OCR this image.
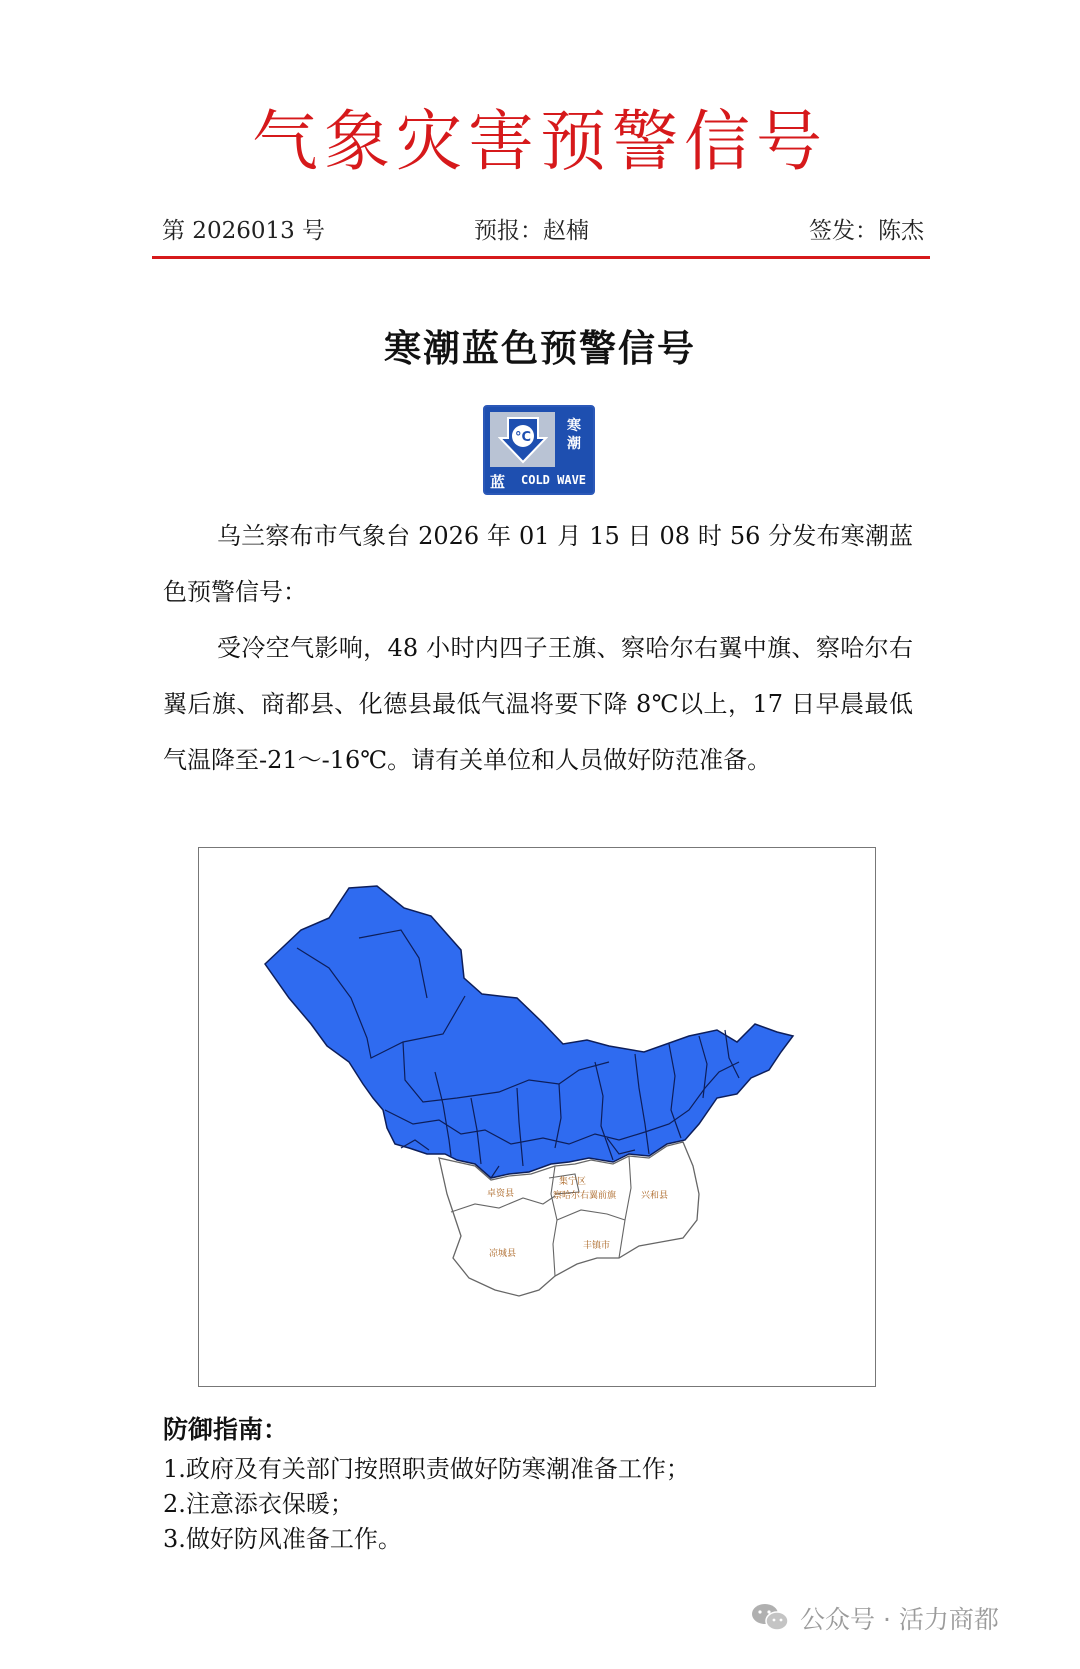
气象灾害预警信号
第 2026013 号	预报：赵楠	签发：陈杰
寒潮蓝色预警信号
°C
寒
潮
蓝 COLD WAVE
乌兰察布市气象台 2026 年 01 月 15 日 08 时 56 分发布寒潮蓝色预警信号：
受冷空气影响，48 小时内四子王旗、察哈尔右翼中旗、察哈尔右翼后旗、商都县、化德县最低气温将要下降 8℃以上，17 日早晨最低气温降至-21～-16℃。请有关单位和人员做好防范准备。
卓资县
集宁区
察哈尔右翼前旗	兴和县
凉城县
丰镇市
防御指南：
1.政府及有关部门按照职责做好防寒潮准备工作；
2.注意添衣保暖；
3.做好防风准备工作。
公众号 · 活力商都
